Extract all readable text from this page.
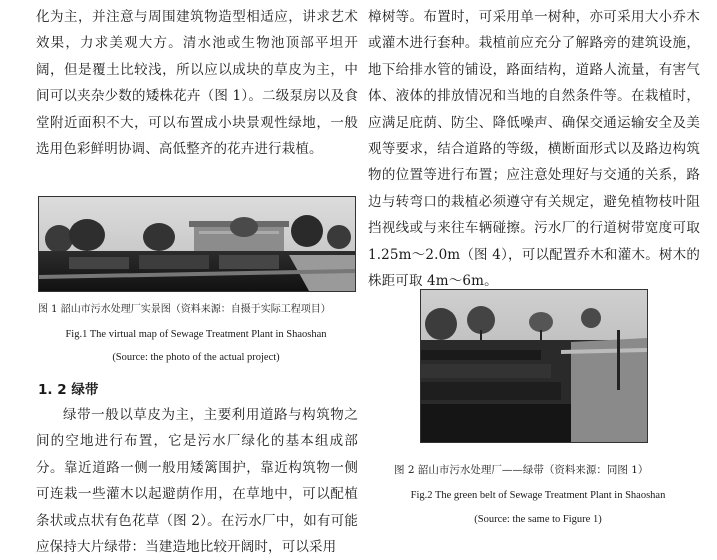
化为主，并注意与周围建筑物造型相适应，讲求艺术效果，力求美观大方。清水池或生物池顶部平坦开阔，但是覆土比较浅，所以应以成块的草皮为主，中间可以夹杂少数的矮株花卉（图 1）。二级泵房以及食堂附近面积不大，可以布置成小块景观性绿地，一般选用色彩鲜明协调、高低整齐的花卉进行栽植。

图 1 韶山市污水处理厂实景图（资料来源：自摄于实际工程项目）
Fig.1 The virtual map of Sewage Treatment Plant in Shaoshan
(Source: the photo of the actual project)
1. 2 绿带

绿带一般以草皮为主，主要利用道路与构筑物之间的空地进行布置，它是污水厂绿化的基本组成部分。靠近道路一侧一般用矮篱围护，靠近构筑物一侧可连栽一些灌木以起避荫作用，在草地中，可以配植条状或点状有色花草（图 2）。在污水厂中，如有可能应保持大片绿带：当建造地比较开阔时，可以采用

樟树等。布置时，可采用单一树种，亦可采用大小乔木或灌木进行套种。栽植前应充分了解路旁的建筑设施，地下给排水管的铺设，路面结构，道路人流量，有害气体、液体的排放情况和当地的自然条件等。在栽植时，应满足庇荫、防尘、降低噪声、确保交通运输安全及美观等要求，结合道路的等级，横断面形式以及路边构筑物的位置等进行布置；应注意处理好与交通的关系，路边与转弯口的栽植必须遵守有关规定，避免植物枝叶阻挡视线或与来往车辆碰擦。污水厂的行道树带宽度可取 1.25m～2.0m（图 4），可以配置乔木和灌木。树木的株距可取 4m～6m。

图 2 韶山市污水处理厂——绿带（资料来源：同图 1）
Fig.2 The green belt of Sewage Treatment Plant in Shaoshan
(Source: the same to Figure 1)
